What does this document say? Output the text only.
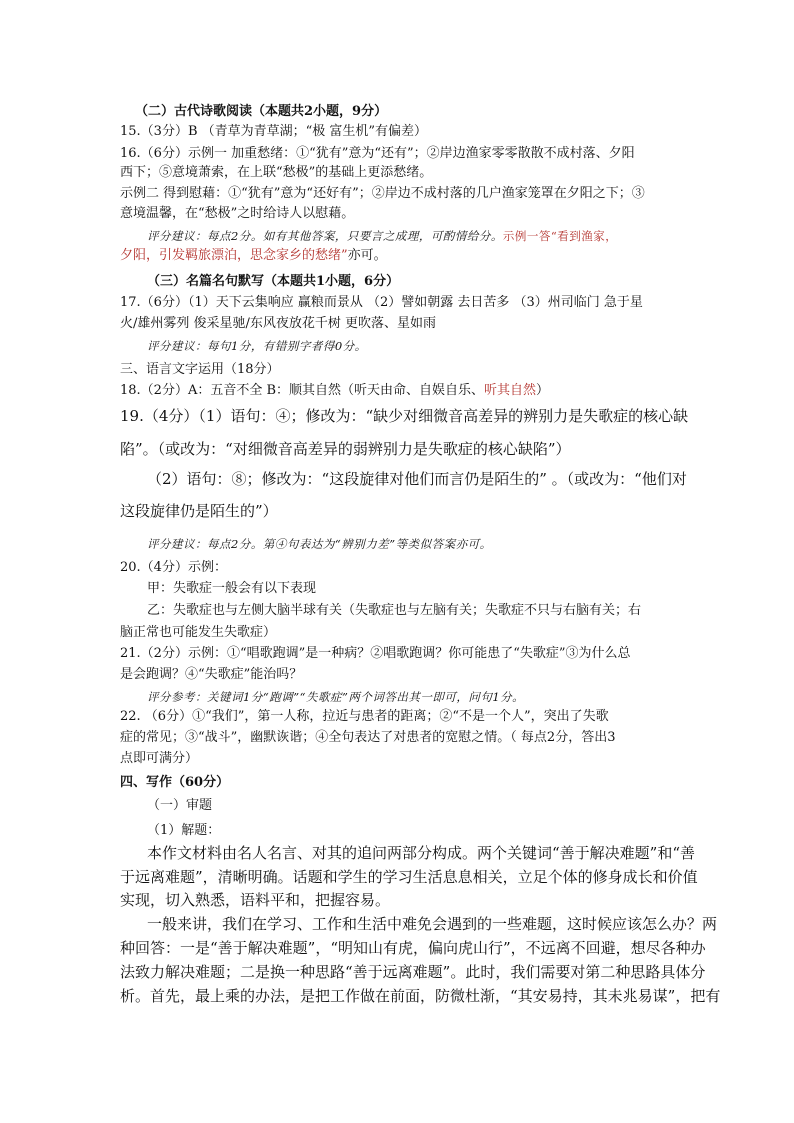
（二）古代诗歌阅读（本题共2小题，9分）
15.（3分）B （青草为青草湖；“极 富生机”有偏差）
16.（6分）示例一 加重愁绪：①“犹有”意为“还有”；②岸边渔家零零散散不成村落、夕阳
西下；⑤意境萧索，在上联“愁极”的基础上更添愁绪。
示例二 得到慰藉：①“犹有”意为“还好有”；②岸边不成村落的几户渔家笼罩在夕阳之下；③
意境温馨，在“愁极”之时给诗人以慰藉。
评分建议：每点2分。如有其他答案，只要言之成理，可酌情给分。示例一答“看到渔家，
夕阳，引发羁旅漂泊，思念家乡的愁绪”亦可。
（三）名篇名句默写（本题共1小题，6分）
17.（6分）（1）天下云集响应 赢粮而景从 （2）譬如朝露 去日苦多 （3）州司临门 急于星
火/雄州雾列 俊采星驰/东风夜放花千树 更吹落、星如雨
评分建议：每句1分，有错别字者得0分。
三、语言文字运用（18分）
18.（2分）A：五音不全 B：顺其自然（听天由命、自娱自乐、听其自然）
19.（4分）（1）语句：④；修改为：“缺少对细微音高差异的辨别力是失歌症的核心缺
陷”。（或改为：“对细微音高差异的弱辨别力是失歌症的核心缺陷”）
（2）语句：⑧；修改为：“这段旋律对他们而言仍是陌生的” 。（或改为：“他们对
这段旋律仍是陌生的”）
评分建议：每点2分。第④句表达为“辨别力差”等类似答案亦可。
20.（4分）示例：
甲：失歌症一般会有以下表现
乙：失歌症也与左侧大脑半球有关（失歌症也与左脑有关；失歌症不只与右脑有关；右
脑正常也可能发生失歌症）
21.（2分）示例：①“唱歌跑调”是一种病？②唱歌跑调？你可能患了“失歌症”③为什么总
是会跑调？④“失歌症”能治吗？
评分参考：关键词1分“跑调”“失歌症”两个词答出其一即可，问句1分。
22. （6分）①“我们”，第一人称，拉近与患者的距离；②“不是一个人”，突出了失歌
症的常见；③“战斗”，幽默诙谐；④全句表达了对患者的宽慰之情。（ 每点2分，答出3
点即可满分）
四、写作（60分）
（一）审题
（1）解题：
本作文材料由名人名言、对其的追问两部分构成。两个关键词“善于解决难题”和“善
于远离难题”，清晰明确。话题和学生的学习生活息息相关，立足个体的修身成长和价值
实现，切入熟悉，语料平和，把握容易。
一般来讲，我们在学习、工作和生活中难免会遇到的一些难题，这时候应该怎么办？两
种回答：一是“善于解决难题”，“明知山有虎，偏向虎山行”，不远离不回避，想尽各种办
法致力解决难题；二是换一种思路“善于远离难题”。此时，我们需要对第二种思路具体分
析。首先，最上乘的办法，是把工作做在前面，防微杜渐，“其安易持，其未兆易谋”，把有
